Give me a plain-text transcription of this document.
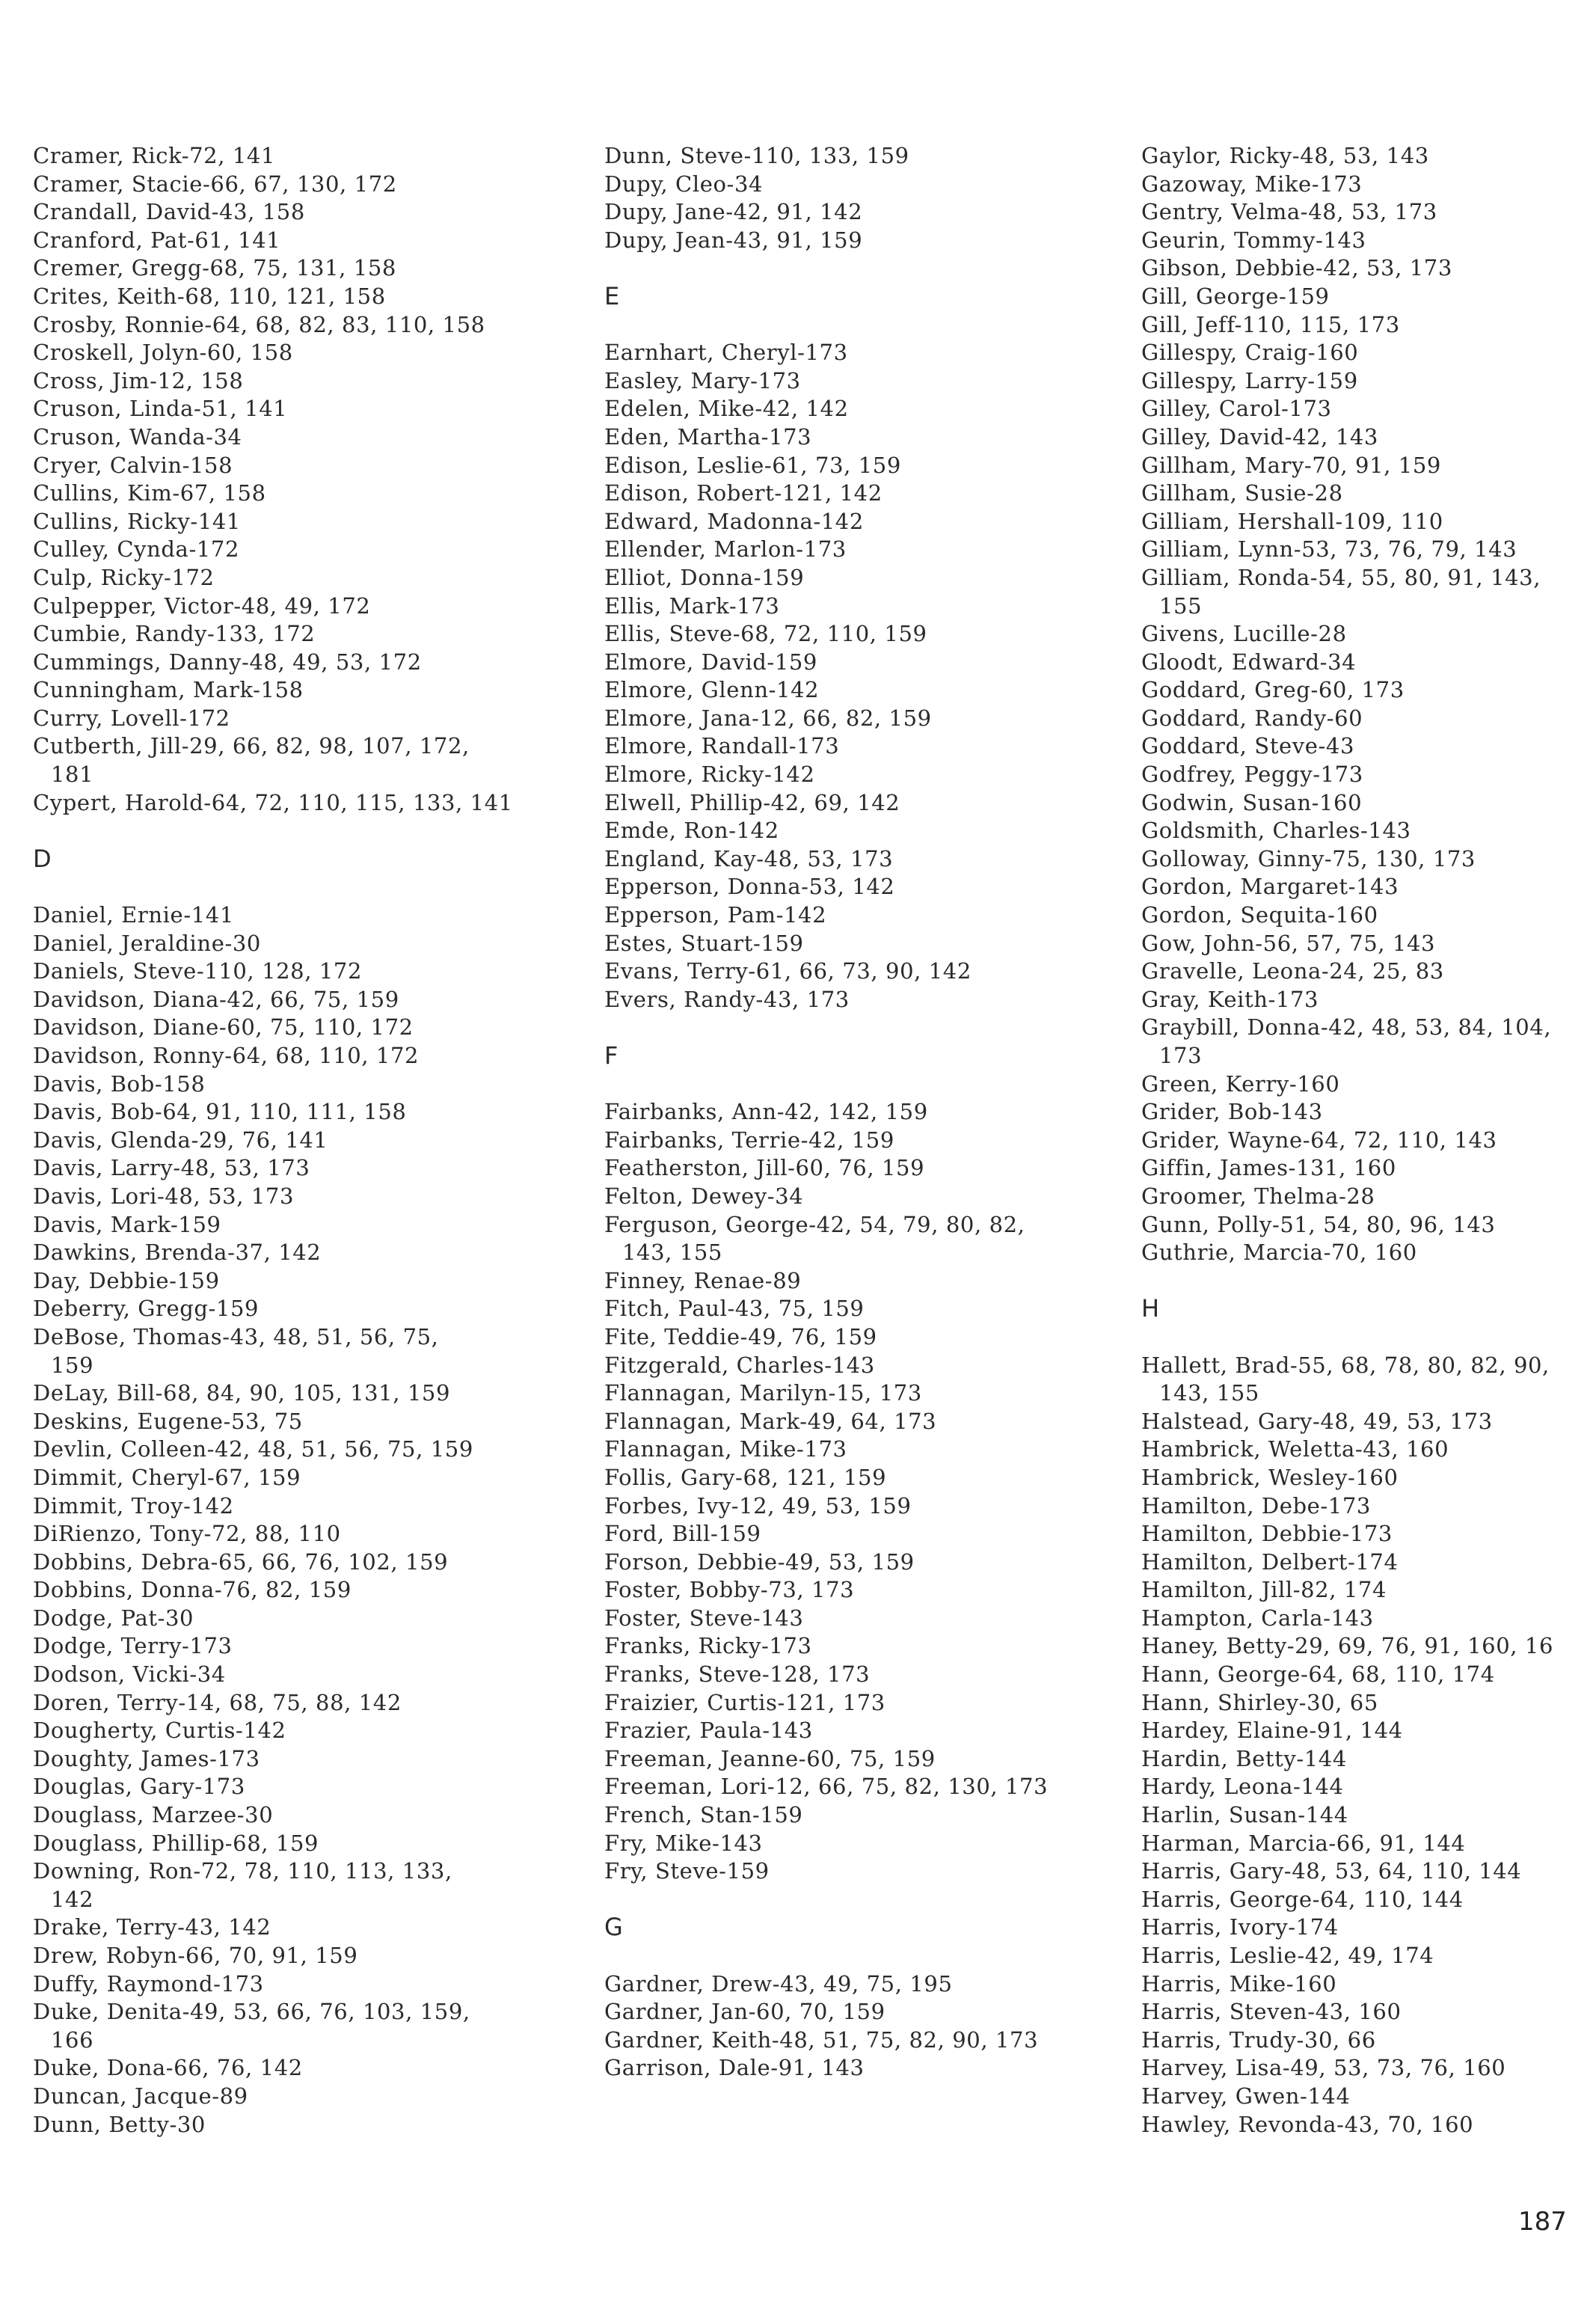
Cramer, Rick-72, 141
Cramer, Stacie-66, 67, 130, 172
Crandall, David-43, 158
Cranford, Pat-61, 141
Cremer, Gregg-68, 75, 131, 158
Crites, Keith-68, 110, 121, 158
Crosby, Ronnie-64, 68, 82, 83, 110, 158
Croskell, Jolyn-60, 158
Cross, Jim-12, 158
Cruson, Linda-51, 141
Cruson, Wanda-34
Cryer, Calvin-158
Cullins, Kim-67, 158
Cullins, Ricky-141
Culley, Cynda-172
Culp, Ricky-172
Culpepper, Victor-48, 49, 172
Cumbie, Randy-133, 172
Cummings, Danny-48, 49, 53, 172
Cunningham, Mark-158
Curry, Lovell-172
Cutberth, Jill-29, 66, 82, 98, 107, 172,
181
Cypert, Harold-64, 72, 110, 115, 133, 141
D
Daniel, Ernie-141
Daniel, Jeraldine-30
Daniels, Steve-110, 128, 172
Davidson, Diana-42, 66, 75, 159
Davidson, Diane-60, 75, 110, 172
Davidson, Ronny-64, 68, 110, 172
Davis, Bob-158
Davis, Bob-64, 91, 110, 111, 158
Davis, Glenda-29, 76, 141
Davis, Larry-48, 53, 173
Davis, Lori-48, 53, 173
Davis, Mark-159
Dawkins, Brenda-37, 142
Day, Debbie-159
Deberry, Gregg-159
DeBose, Thomas-43, 48, 51, 56, 75,
159
DeLay, Bill-68, 84, 90, 105, 131, 159
Deskins, Eugene-53, 75
Devlin, Colleen-42, 48, 51, 56, 75, 159
Dimmit, Cheryl-67, 159
Dimmit, Troy-142
DiRienzo, Tony-72, 88, 110
Dobbins, Debra-65, 66, 76, 102, 159
Dobbins, Donna-76, 82, 159
Dodge, Pat-30
Dodge, Terry-173
Dodson, Vicki-34
Doren, Terry-14, 68, 75, 88, 142
Dougherty, Curtis-142
Doughty, James-173
Douglas, Gary-173
Douglass, Marzee-30
Douglass, Phillip-68, 159
Downing, Ron-72, 78, 110, 113, 133,
142
Drake, Terry-43, 142
Drew, Robyn-66, 70, 91, 159
Duffy, Raymond-173
Duke, Denita-49, 53, 66, 76, 103, 159,
166
Duke, Dona-66, 76, 142
Duncan, Jacque-89
Dunn, Betty-30
Dunn, Steve-110, 133, 159
Dupy, Cleo-34
Dupy, Jane-42, 91, 142
Dupy, Jean-43, 91, 159
E
Earnhart, Cheryl-173
Easley, Mary-173
Edelen, Mike-42, 142
Eden, Martha-173
Edison, Leslie-61, 73, 159
Edison, Robert-121, 142
Edward, Madonna-142
Ellender, Marlon-173
Elliot, Donna-159
Ellis, Mark-173
Ellis, Steve-68, 72, 110, 159
Elmore, David-159
Elmore, Glenn-142
Elmore, Jana-12, 66, 82, 159
Elmore, Randall-173
Elmore, Ricky-142
Elwell, Phillip-42, 69, 142
Emde, Ron-142
England, Kay-48, 53, 173
Epperson, Donna-53, 142
Epperson, Pam-142
Estes, Stuart-159
Evans, Terry-61, 66, 73, 90, 142
Evers, Randy-43, 173
F
Fairbanks, Ann-42, 142, 159
Fairbanks, Terrie-42, 159
Featherston, Jill-60, 76, 159
Felton, Dewey-34
Ferguson, George-42, 54, 79, 80, 82,
143, 155
Finney, Renae-89
Fitch, Paul-43, 75, 159
Fite, Teddie-49, 76, 159
Fitzgerald, Charles-143
Flannagan, Marilyn-15, 173
Flannagan, Mark-49, 64, 173
Flannagan, Mike-173
Follis, Gary-68, 121, 159
Forbes, Ivy-12, 49, 53, 159
Ford, Bill-159
Forson, Debbie-49, 53, 159
Foster, Bobby-73, 173
Foster, Steve-143
Franks, Ricky-173
Franks, Steve-128, 173
Fraizier, Curtis-121, 173
Frazier, Paula-143
Freeman, Jeanne-60, 75, 159
Freeman, Lori-12, 66, 75, 82, 130, 173
French, Stan-159
Fry, Mike-143
Fry, Steve-159
G
Gardner, Drew-43, 49, 75, 195
Gardner, Jan-60, 70, 159
Gardner, Keith-48, 51, 75, 82, 90, 173
Garrison, Dale-91, 143
Gaylor, Ricky-48, 53, 143
Gazoway, Mike-173
Gentry, Velma-48, 53, 173
Geurin, Tommy-143
Gibson, Debbie-42, 53, 173
Gill, George-159
Gill, Jeff-110, 115, 173
Gillespy, Craig-160
Gillespy, Larry-159
Gilley, Carol-173
Gilley, David-42, 143
Gillham, Mary-70, 91, 159
Gillham, Susie-28
Gilliam, Hershall-109, 110
Gilliam, Lynn-53, 73, 76, 79, 143
Gilliam, Ronda-54, 55, 80, 91, 143,
155
Givens, Lucille-28
Gloodt, Edward-34
Goddard, Greg-60, 173
Goddard, Randy-60
Goddard, Steve-43
Godfrey, Peggy-173
Godwin, Susan-160
Goldsmith, Charles-143
Golloway, Ginny-75, 130, 173
Gordon, Margaret-143
Gordon, Sequita-160
Gow, John-56, 57, 75, 143
Gravelle, Leona-24, 25, 83
Gray, Keith-173
Graybill, Donna-42, 48, 53, 84, 104,
173
Green, Kerry-160
Grider, Bob-143
Grider, Wayne-64, 72, 110, 143
Giffin, James-131, 160
Groomer, Thelma-28
Gunn, Polly-51, 54, 80, 96, 143
Guthrie, Marcia-70, 160
H
Hallett, Brad-55, 68, 78, 80, 82, 90,
143, 155
Halstead, Gary-48, 49, 53, 173
Hambrick, Weletta-43, 160
Hambrick, Wesley-160
Hamilton, Debe-173
Hamilton, Debbie-173
Hamilton, Delbert-174
Hamilton, Jill-82, 174
Hampton, Carla-143
Haney, Betty-29, 69, 76, 91, 160, 16
Hann, George-64, 68, 110, 174
Hann, Shirley-30, 65
Hardey, Elaine-91, 144
Hardin, Betty-144
Hardy, Leona-144
Harlin, Susan-144
Harman, Marcia-66, 91, 144
Harris, Gary-48, 53, 64, 110, 144
Harris, George-64, 110, 144
Harris, Ivory-174
Harris, Leslie-42, 49, 174
Harris, Mike-160
Harris, Steven-43, 160
Harris, Trudy-30, 66
Harvey, Lisa-49, 53, 73, 76, 160
Harvey, Gwen-144
Hawley, Revonda-43, 70, 160
187
